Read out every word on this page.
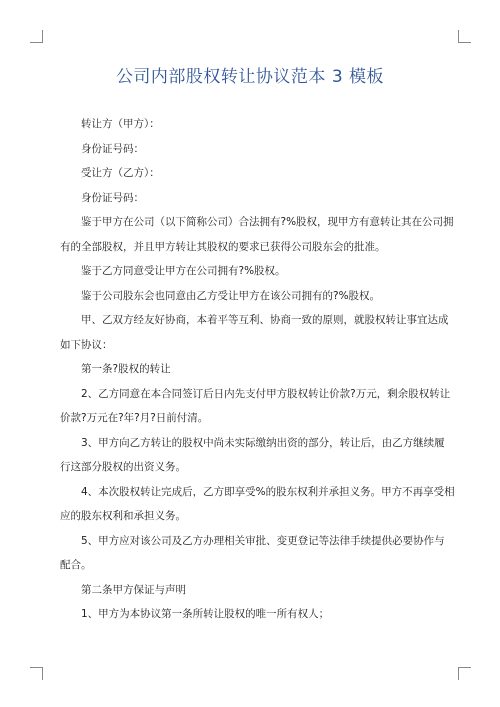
公司内部股权转让协议范本 3 模板
转让方（甲方）：
身份证号码：
受让方（乙方）：
身份证号码：
鉴于甲方在公司（以下简称公司）合法拥有?%股权，现甲方有意转让其在公司拥
有的全部股权，并且甲方转让其股权的要求已获得公司股东会的批准。
鉴于乙方同意受让甲方在公司拥有?%股权。
鉴于公司股东会也同意由乙方受让甲方在该公司拥有的?%股权。
甲、乙双方经友好协商，本着平等互利、协商一致的原则，就股权转让事宜达成
如下协议：
第一条?股权的转让
2、乙方同意在本合同签订后日内先支付甲方股权转让价款?万元，剩余股权转让
价款?万元在?年?月?日前付清。
3、甲方向乙方转让的股权中尚未实际缴纳出资的部分，转让后，由乙方继续履
行这部分股权的出资义务。
4、本次股权转让完成后，乙方即享受%的股东权利并承担义务。甲方不再享受相
应的股东权利和承担义务。
5、甲方应对该公司及乙方办理相关审批、变更登记等法律手续提供必要协作与
配合。
第二条甲方保证与声明
1、甲方为本协议第一条所转让股权的唯一所有权人；
